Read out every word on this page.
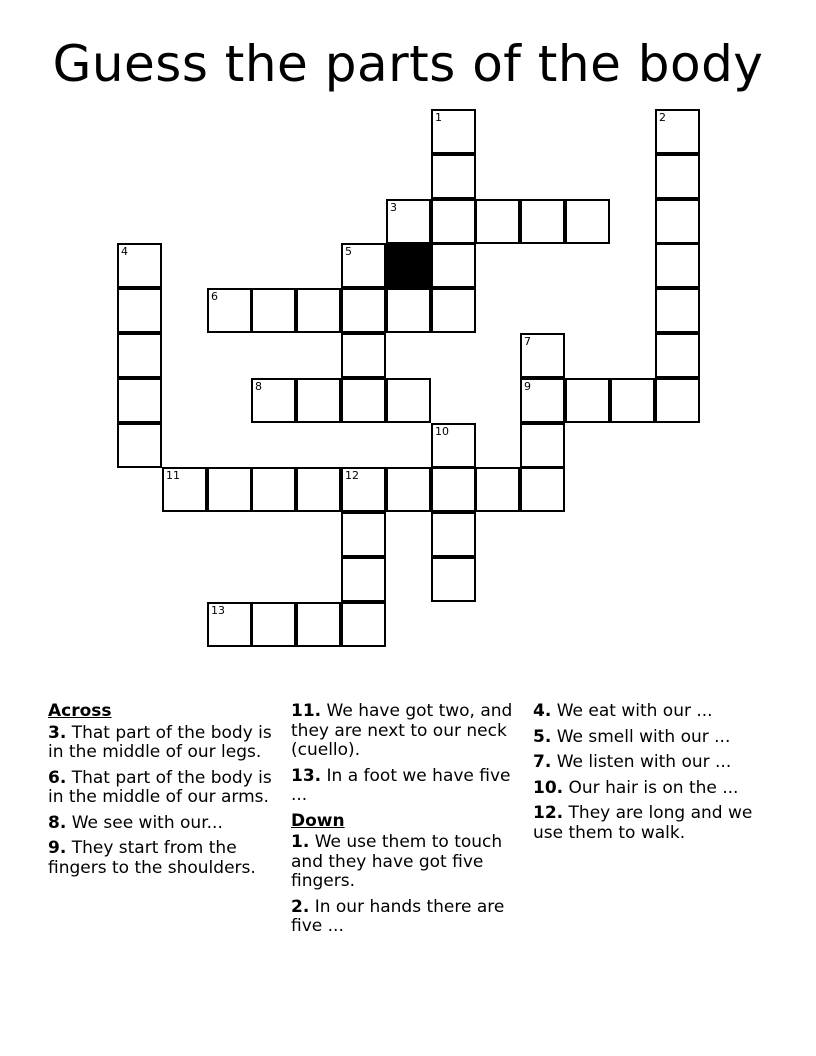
Guess the parts of the body
1	2
3
4	5
6
7
9
8
10
11	12
13
Across
3. That part of the body is in the middle of our legs.
6. That part of the body is in the middle of our arms.
8. We see with our...
9. They start from the fingers to the shoulders.
11. We have got two, and they are next to our neck (cuello).
13. In a foot we have five ...
Down
1. We use them to touch and they have got five fingers.
2. In our hands there are five ...
4. We eat with our ...
5. We smell with our ...
7. We listen with our ...
10. Our hair is on the ...
12. They are long and we use them to walk.
